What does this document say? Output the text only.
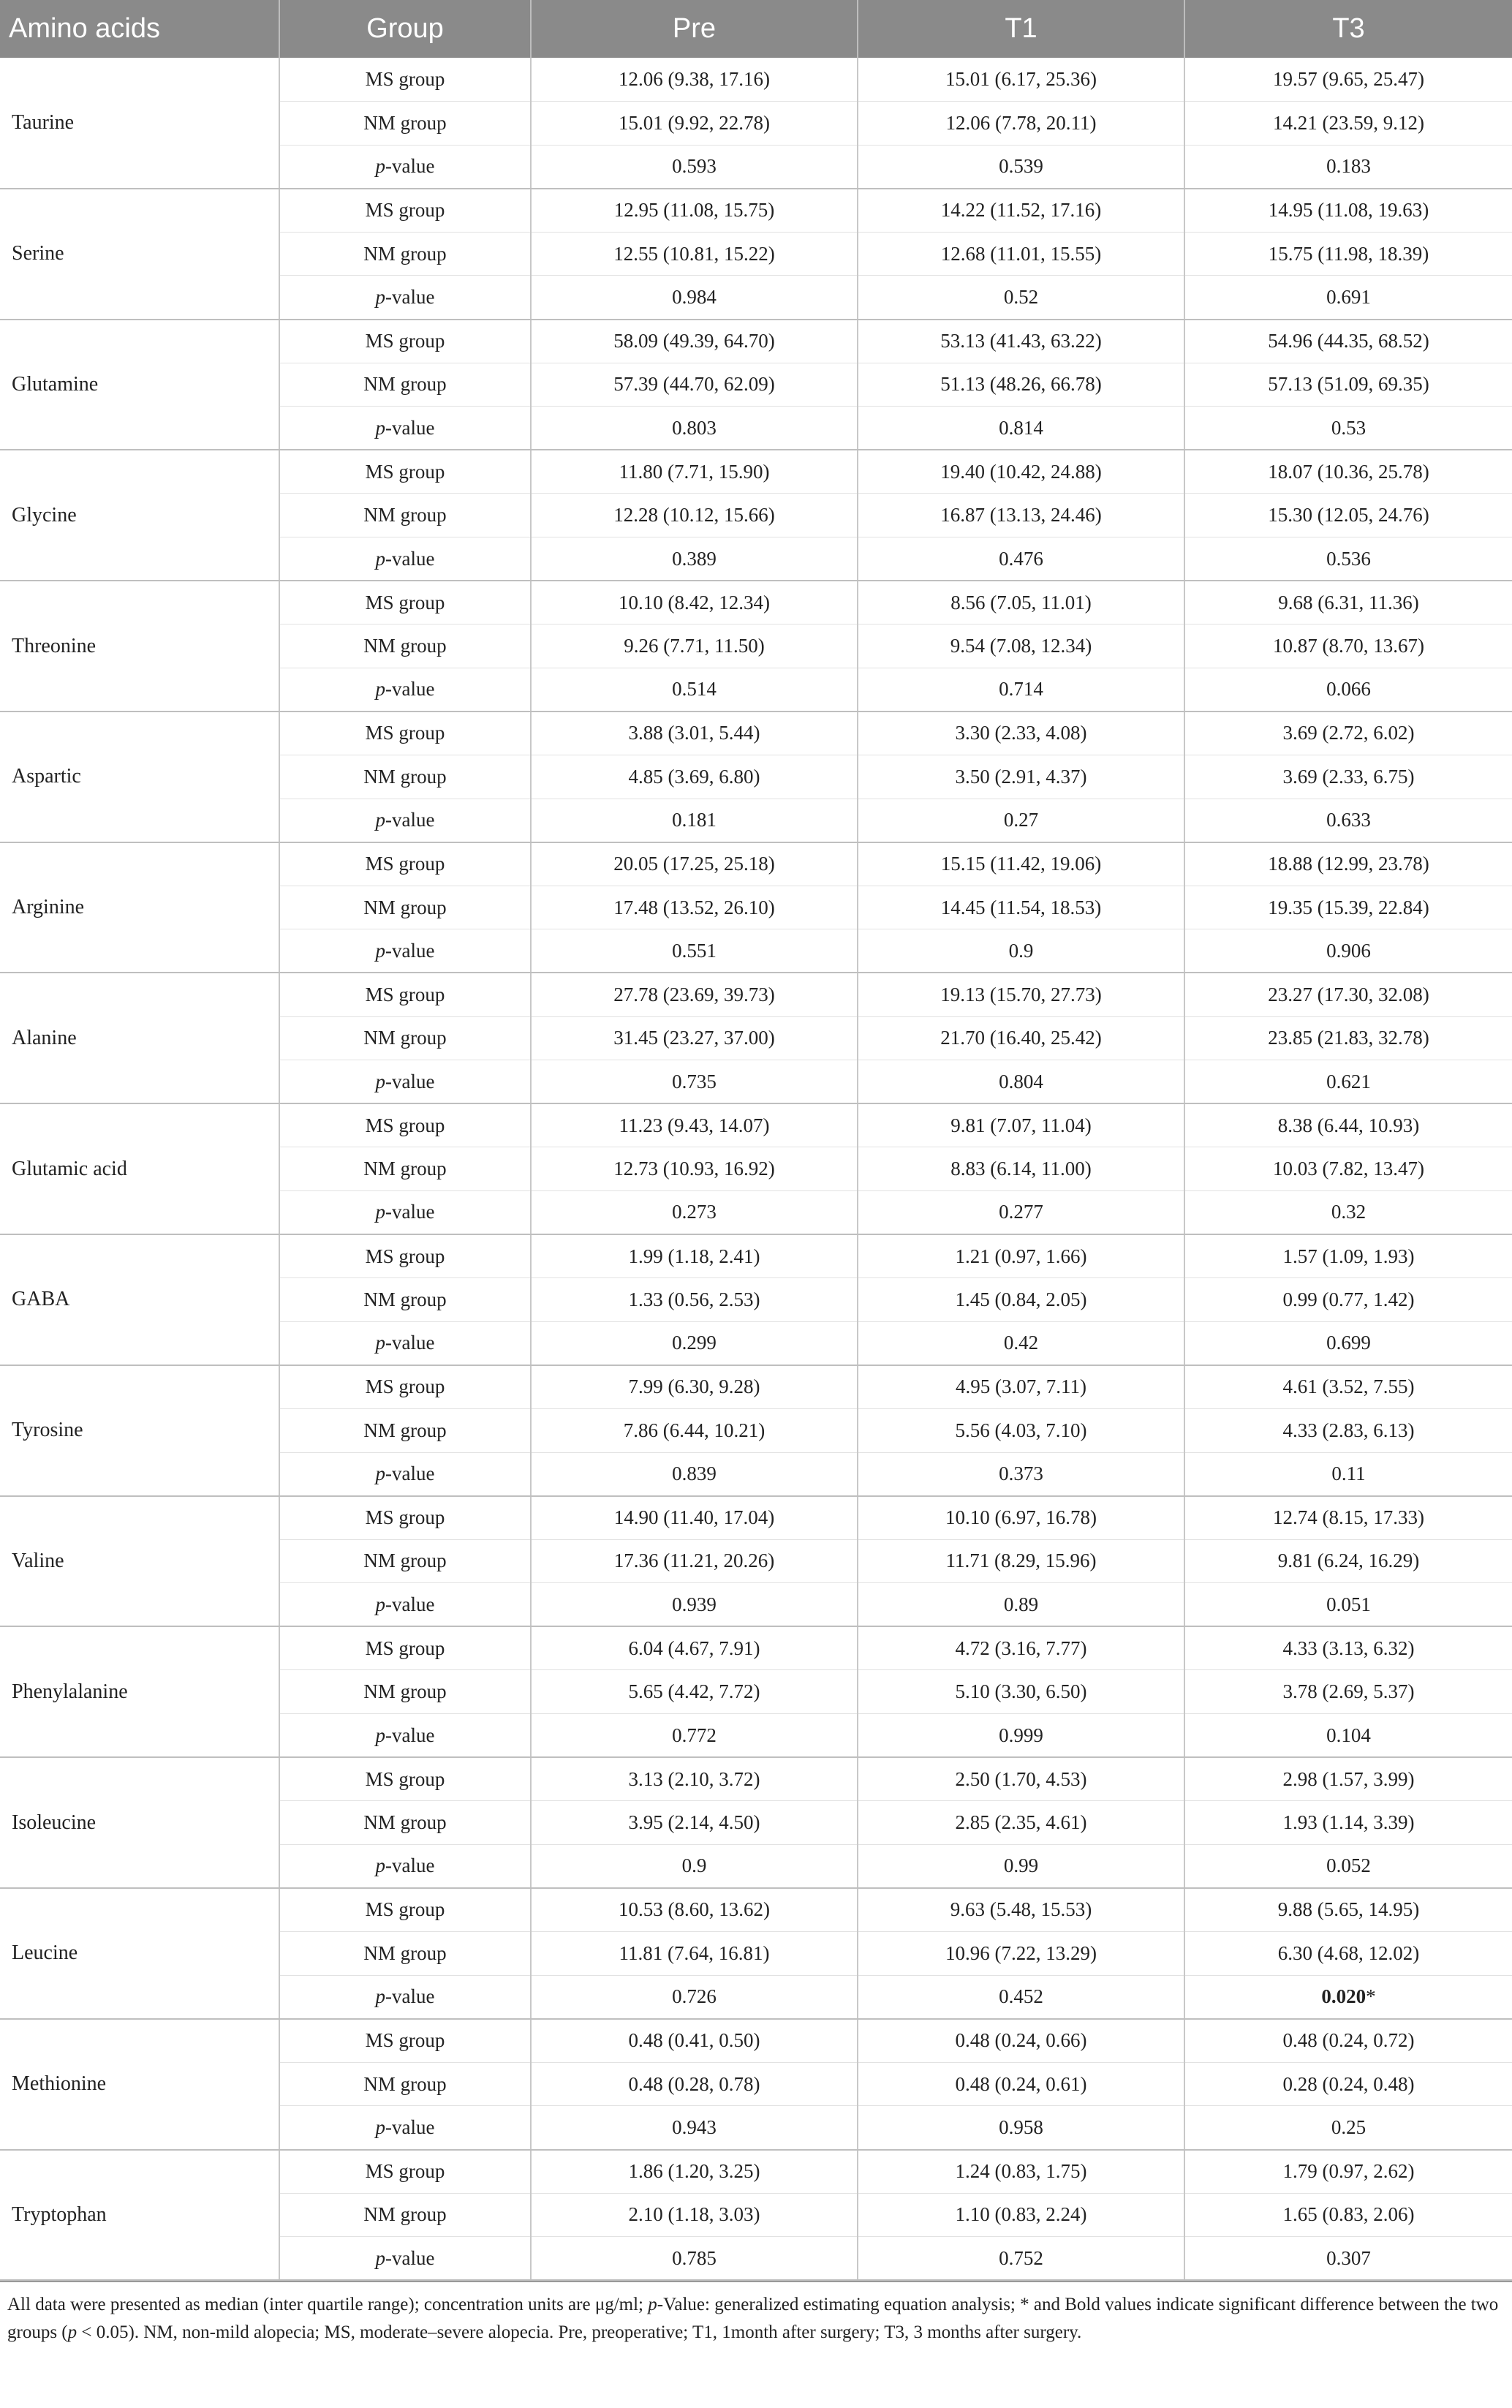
Amino acids	Group	Pre	T1	T3
Taurine	MS group	12.06 (9.38, 17.16)	15.01 (6.17, 25.36)	19.57 (9.65, 25.47)
	NM group	15.01 (9.92, 22.78)	12.06 (7.78, 20.11)	14.21 (23.59, 9.12)
	p-value	0.593	0.539	0.183
Serine	MS group	12.95 (11.08, 15.75)	14.22 (11.52, 17.16)	14.95 (11.08, 19.63)
	NM group	12.55 (10.81, 15.22)	12.68 (11.01, 15.55)	15.75 (11.98, 18.39)
	p-value	0.984	0.52	0.691
Glutamine	MS group	58.09 (49.39, 64.70)	53.13 (41.43, 63.22)	54.96 (44.35, 68.52)
	NM group	57.39 (44.70, 62.09)	51.13 (48.26, 66.78)	57.13 (51.09, 69.35)
	p-value	0.803	0.814	0.53
Glycine	MS group	11.80 (7.71, 15.90)	19.40 (10.42, 24.88)	18.07 (10.36, 25.78)
	NM group	12.28 (10.12, 15.66)	16.87 (13.13, 24.46)	15.30 (12.05, 24.76)
	p-value	0.389	0.476	0.536
Threonine	MS group	10.10 (8.42, 12.34)	8.56 (7.05, 11.01)	9.68 (6.31, 11.36)
	NM group	9.26 (7.71, 11.50)	9.54 (7.08, 12.34)	10.87 (8.70, 13.67)
	p-value	0.514	0.714	0.066
Aspartic	MS group	3.88 (3.01, 5.44)	3.30 (2.33, 4.08)	3.69 (2.72, 6.02)
	NM group	4.85 (3.69, 6.80)	3.50 (2.91, 4.37)	3.69 (2.33, 6.75)
	p-value	0.181	0.27	0.633
Arginine	MS group	20.05 (17.25, 25.18)	15.15 (11.42, 19.06)	18.88 (12.99, 23.78)
	NM group	17.48 (13.52, 26.10)	14.45 (11.54, 18.53)	19.35 (15.39, 22.84)
	p-value	0.551	0.9	0.906
Alanine	MS group	27.78 (23.69, 39.73)	19.13 (15.70, 27.73)	23.27 (17.30, 32.08)
	NM group	31.45 (23.27, 37.00)	21.70 (16.40, 25.42)	23.85 (21.83, 32.78)
	p-value	0.735	0.804	0.621
Glutamic acid	MS group	11.23 (9.43, 14.07)	9.81 (7.07, 11.04)	8.38 (6.44, 10.93)
	NM group	12.73 (10.93, 16.92)	8.83 (6.14, 11.00)	10.03 (7.82, 13.47)
	p-value	0.273	0.277	0.32
GABA	MS group	1.99 (1.18, 2.41)	1.21 (0.97, 1.66)	1.57 (1.09, 1.93)
	NM group	1.33 (0.56, 2.53)	1.45 (0.84, 2.05)	0.99 (0.77, 1.42)
	p-value	0.299	0.42	0.699
Tyrosine	MS group	7.99 (6.30, 9.28)	4.95 (3.07, 7.11)	4.61 (3.52, 7.55)
	NM group	7.86 (6.44, 10.21)	5.56 (4.03, 7.10)	4.33 (2.83, 6.13)
	p-value	0.839	0.373	0.11
Valine	MS group	14.90 (11.40, 17.04)	10.10 (6.97, 16.78)	12.74 (8.15, 17.33)
	NM group	17.36 (11.21, 20.26)	11.71 (8.29, 15.96)	9.81 (6.24, 16.29)
	p-value	0.939	0.89	0.051
Phenylalanine	MS group	6.04 (4.67, 7.91)	4.72 (3.16, 7.77)	4.33 (3.13, 6.32)
	NM group	5.65 (4.42, 7.72)	5.10 (3.30, 6.50)	3.78 (2.69, 5.37)
	p-value	0.772	0.999	0.104
Isoleucine	MS group	3.13 (2.10, 3.72)	2.50 (1.70, 4.53)	2.98 (1.57, 3.99)
	NM group	3.95 (2.14, 4.50)	2.85 (2.35, 4.61)	1.93 (1.14, 3.39)
	p-value	0.9	0.99	0.052
Leucine	MS group	10.53 (8.60, 13.62)	9.63 (5.48, 15.53)	9.88 (5.65, 14.95)
	NM group	11.81 (7.64, 16.81)	10.96 (7.22, 13.29)	6.30 (4.68, 12.02)
	p-value	0.726	0.452	0.020*
Methionine	MS group	0.48 (0.41, 0.50)	0.48 (0.24, 0.66)	0.48 (0.24, 0.72)
	NM group	0.48 (0.28, 0.78)	0.48 (0.24, 0.61)	0.28 (0.24, 0.48)
	p-value	0.943	0.958	0.25
Tryptophan	MS group	1.86 (1.20, 3.25)	1.24 (0.83, 1.75)	1.79 (0.97, 2.62)
	NM group	2.10 (1.18, 3.03)	1.10 (0.83, 2.24)	1.65 (0.83, 2.06)
	p-value	0.785	0.752	0.307
All data were presented as median (inter quartile range); concentration units are μg/ml; p-Value: generalized estimating equation analysis; * and Bold values indicate significant difference between the two groups (p < 0.05). NM, non-mild alopecia; MS, moderate–severe alopecia. Pre, preoperative; T1, 1month after surgery; T3, 3 months after surgery.
